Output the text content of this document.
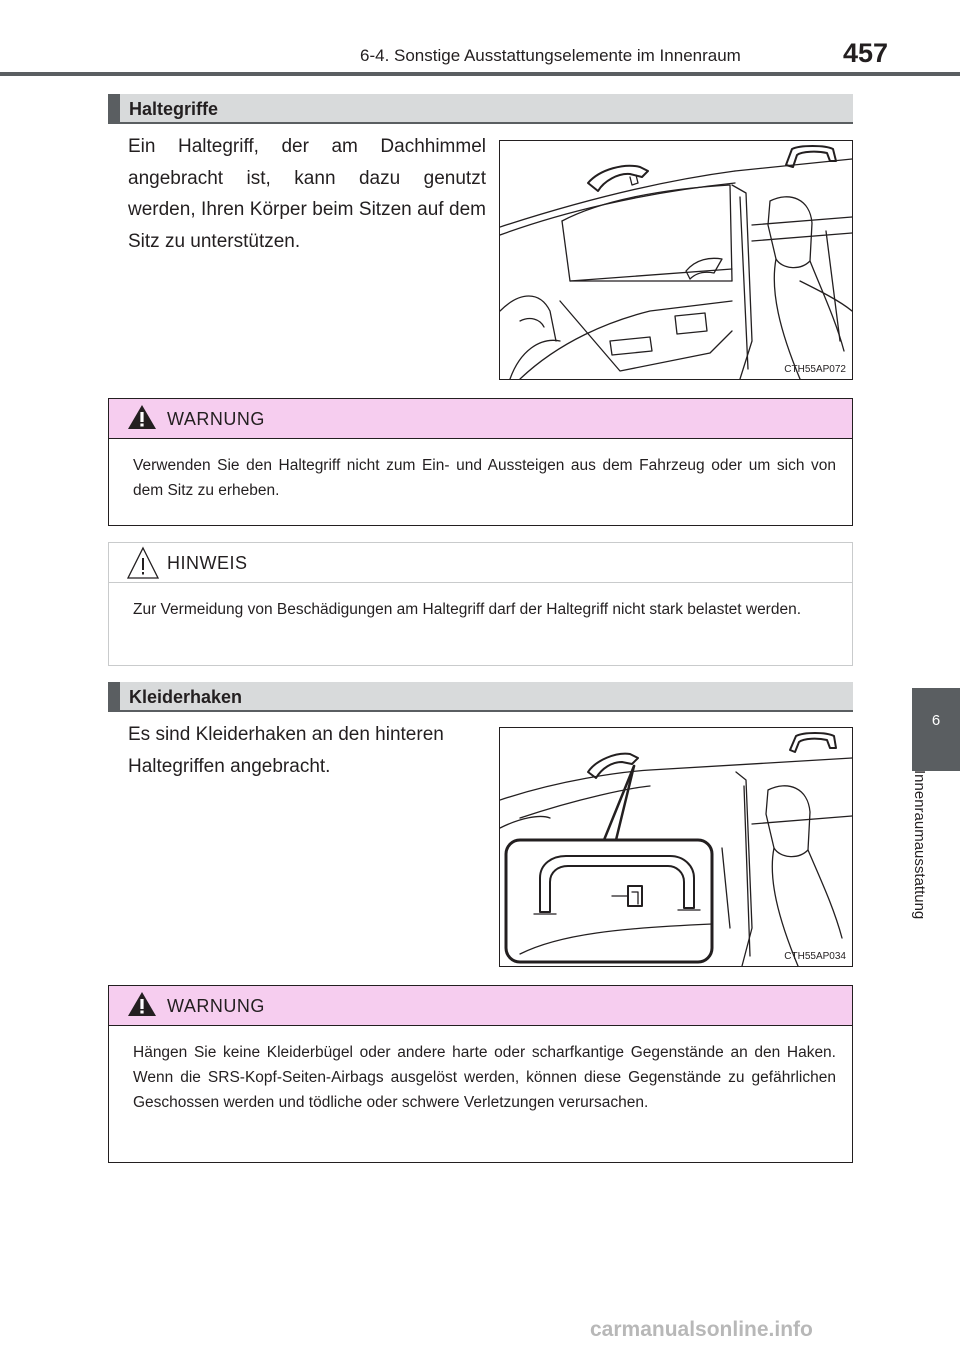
6-4. Sonstige Ausstattungselemente im Innenraum	457
6
Innenraumausstattung
Haltegriffe
Ein Haltegriff, der am Dachhimmel angebracht ist, kann dazu genutzt werden, Ihren Körper beim Sitzen auf dem Sitz zu unterstützen.
CTH55AP072
WARNUNG
Verwenden Sie den Haltegriff nicht zum Ein- und Aussteigen aus dem Fahrzeug oder um sich von dem Sitz zu erheben.
HINWEIS
Zur Vermeidung von Beschädigungen am Haltegriff darf der Haltegriff nicht stark belastet werden.
Kleiderhaken
Es sind Kleiderhaken an den hinteren Haltegriffen angebracht.
CTH55AP034
WARNUNG
Hängen Sie keine Kleiderbügel oder andere harte oder scharfkantige Gegenstände an den Haken. Wenn die SRS-Kopf-Seiten-Airbags ausgelöst werden, können diese Gegenstände zu gefährlichen Geschossen werden und tödliche oder schwere Verletzungen verursachen.
carmanualsonline.info
